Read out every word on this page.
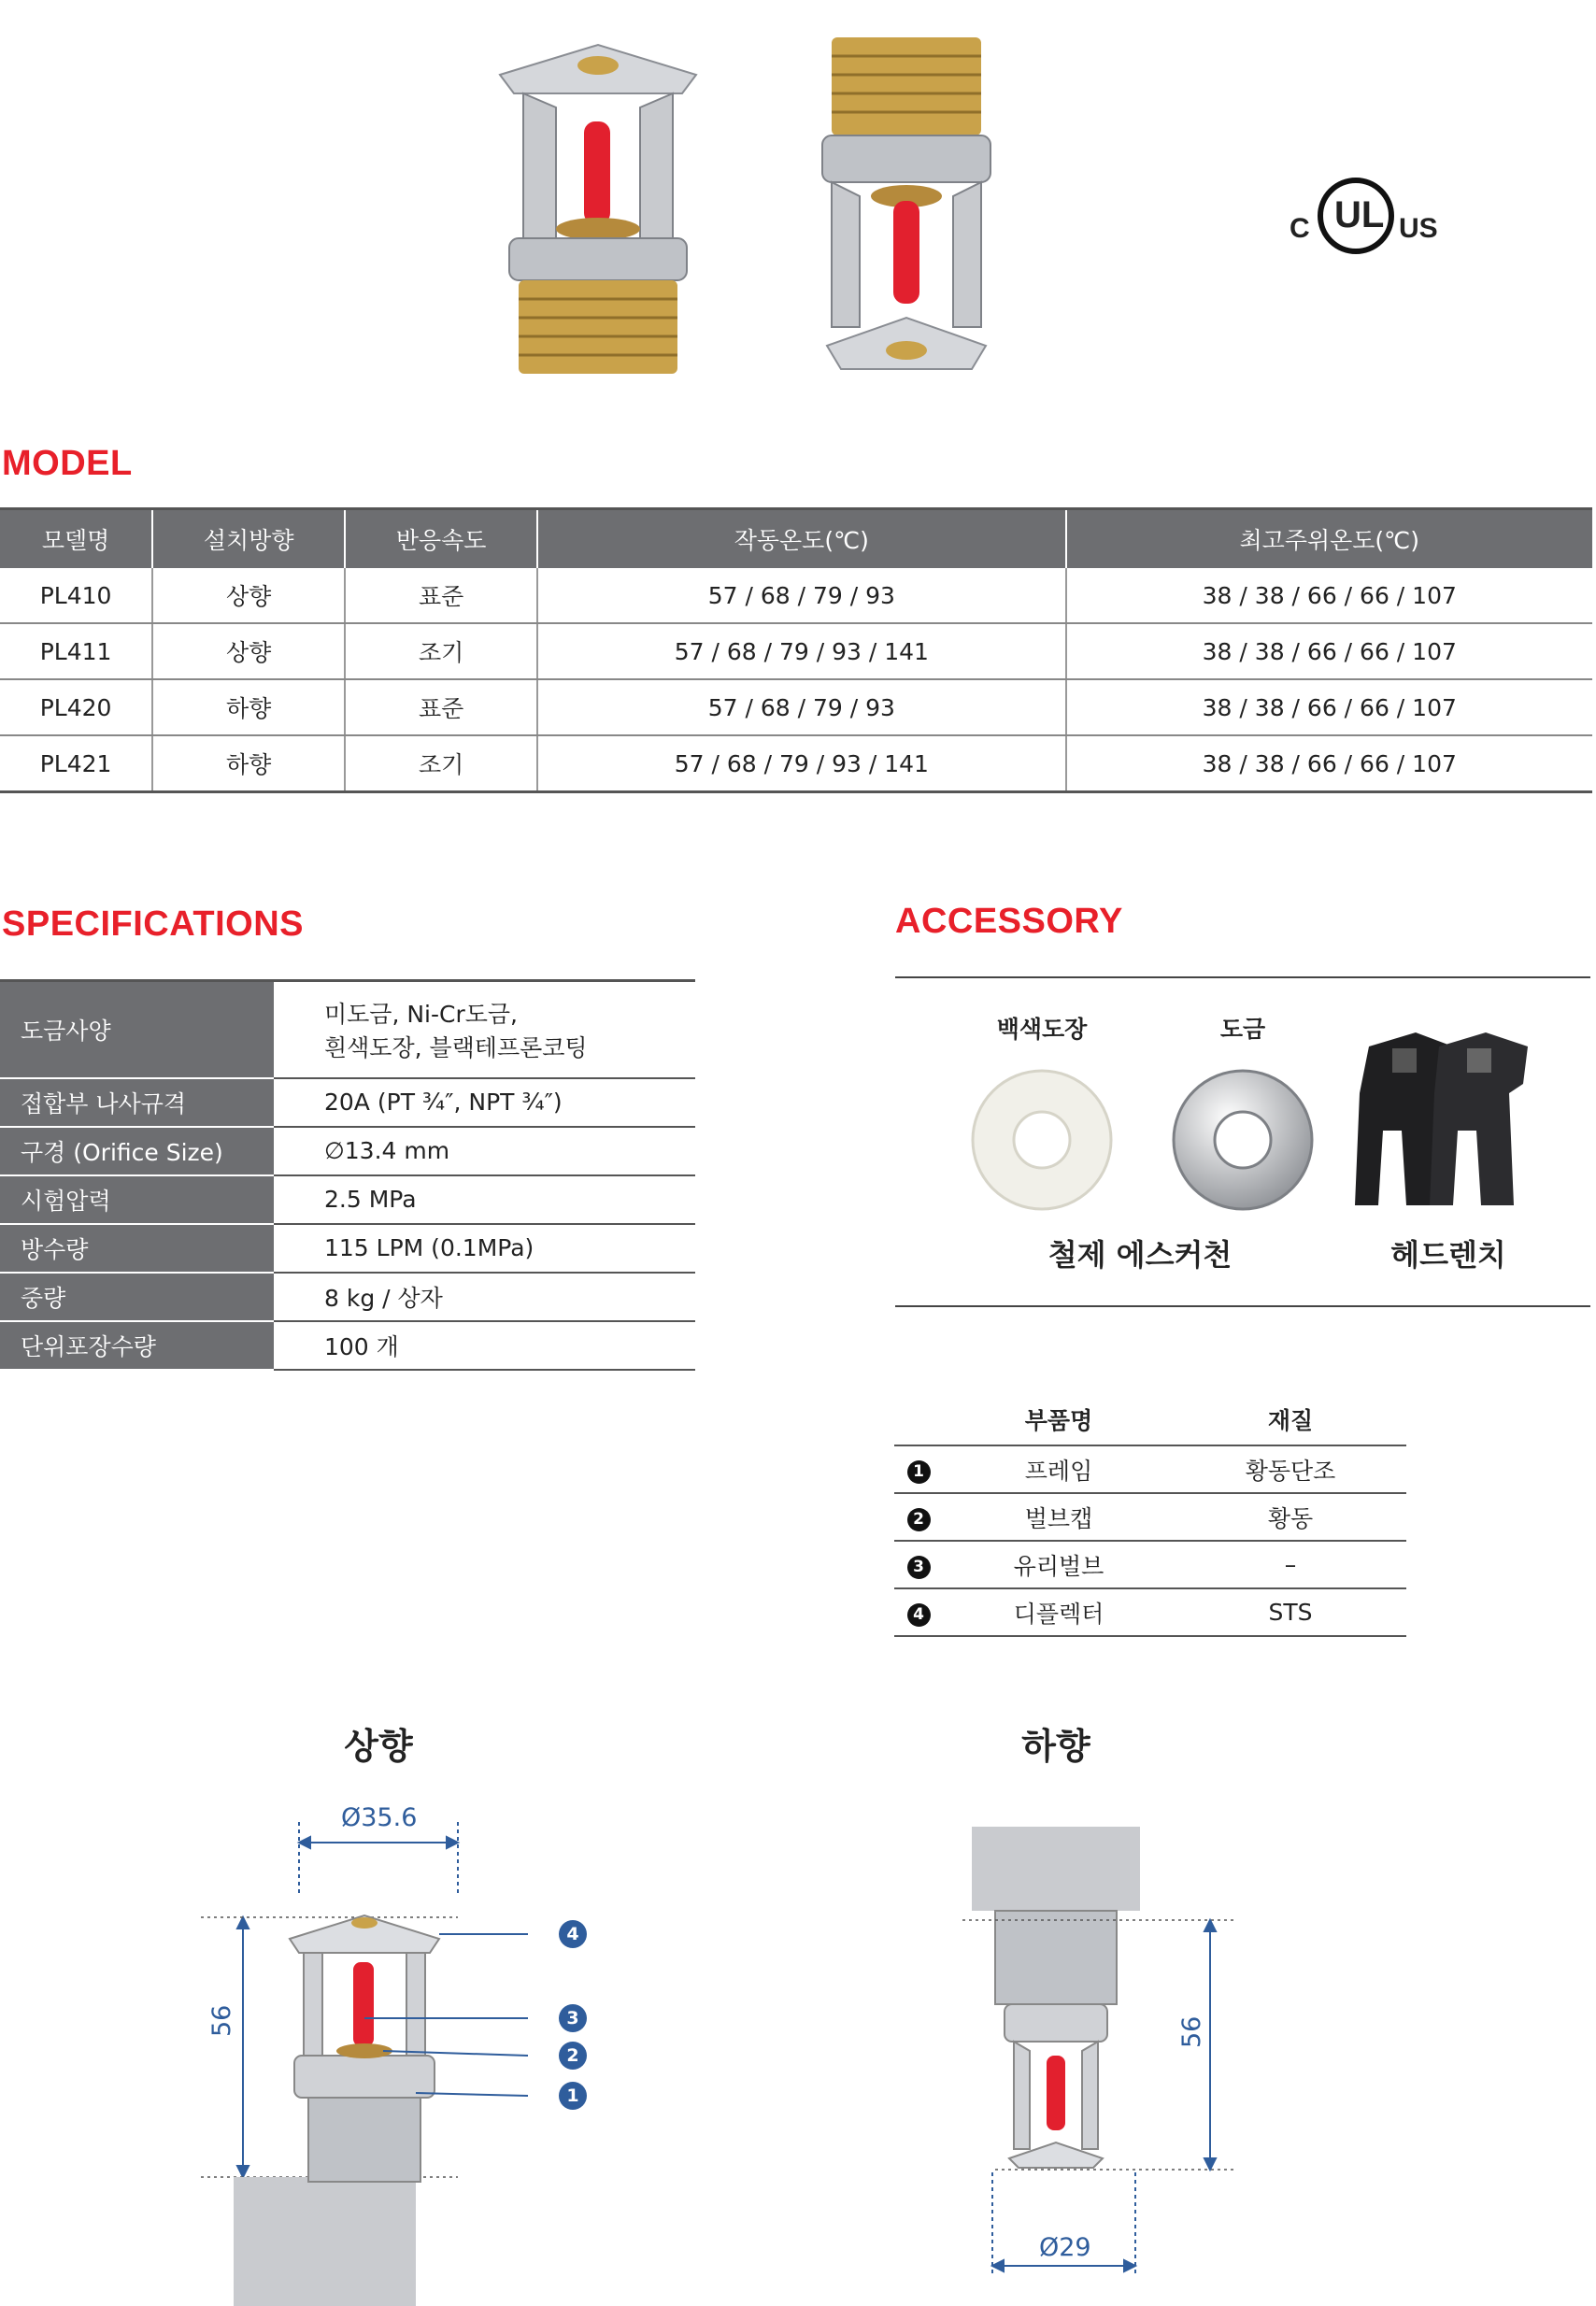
C UL US
MODEL
모델명	설치방향	반응속도	작동온도(℃)	최고주위온도(℃)
PL410	상향	표준	57 / 68 / 79 / 93	38 / 38 / 66 / 66 / 107
PL411	상향	조기	57 / 68 / 79 / 93 / 141	38 / 38 / 66 / 66 / 107
PL420	하향	표준	57 / 68 / 79 / 93	38 / 38 / 66 / 66 / 107
PL421	하향	조기	57 / 68 / 79 / 93 / 141	38 / 38 / 66 / 66 / 107
SPECIFICATIONS
도금사양	미도금, Ni-Cr도금,
흰색도장, 블랙테프론코팅

접합부 나사규격	20A (PT ¾″, NPT ¾″)
구경 (Orifice Size)	∅13.4 mm
시험압력	2.5 MPa
방수량	115 LPM (0.1MPa)
중량	8 kg / 상자
단위포장수량	100 개
ACCESSORY
백색도장	도금
철제 에스커천	헤드렌치
	부품명	재질
1	프레임	황동단조
2	벌브캡	황동
3	유리벌브	–
4	디플렉터	STS
상향
Ø35.6
56
4
3
2
1
하향
56
Ø29
